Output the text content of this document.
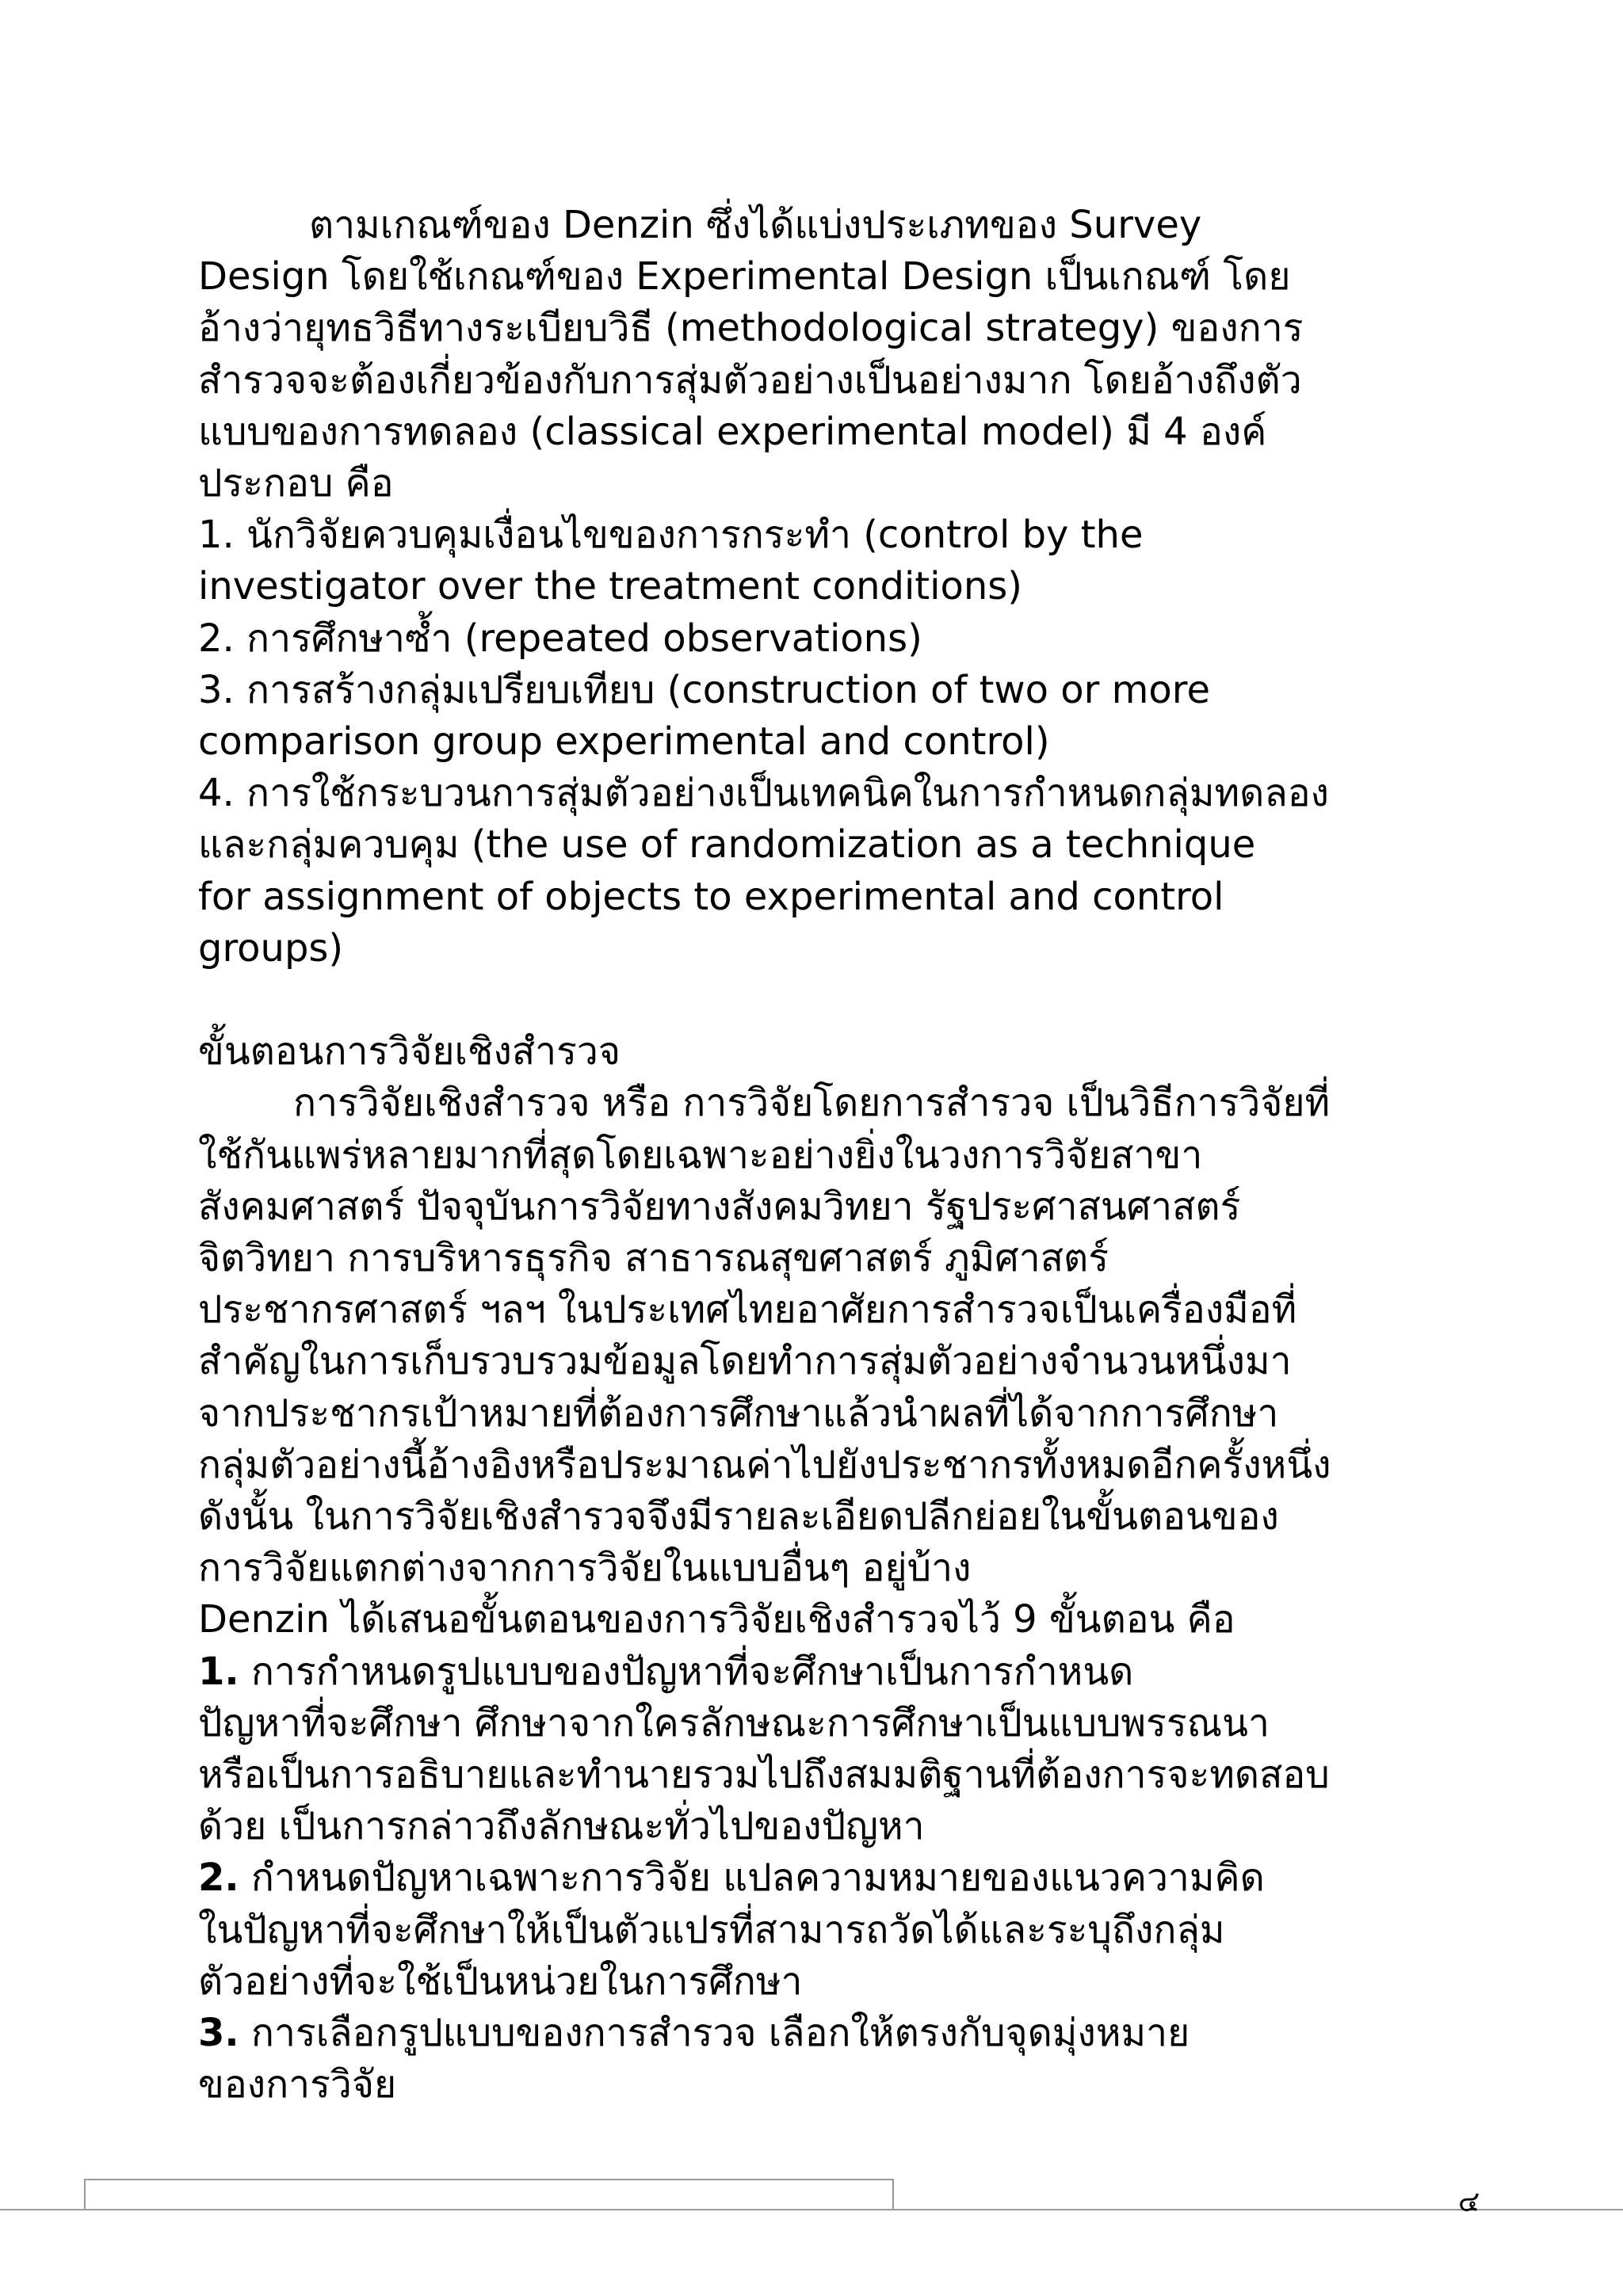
ตามเกณฑ์ของ Denzin ซึ่งได้แบ่งประเภทของ Survey
Design โดยใช้เกณฑ์ของ Experimental Design เป็นเกณฑ์ โดย
อ้างว่ายุทธวิธีทางระเบียบวิธี (methodological strategy) ของการ
สำรวจจะต้องเกี่ยวข้องกับการสุ่มตัวอย่างเป็นอย่างมาก โดยอ้างถึงตัว
แบบของการทดลอง (classical experimental model) มี 4 องค์
ประกอบ คือ
1. นักวิจัยควบคุมเงื่อนไขของการกระทำ (control by the
investigator over the treatment conditions)
2. การศึกษาซ้ำ (repeated observations)
3. การสร้างกลุ่มเปรียบเทียบ (construction of two or more
comparison group experimental and control)
4. การใช้กระบวนการสุ่มตัวอย่างเป็นเทคนิคในการกำหนดกลุ่มทดลอง
และกลุ่มควบคุม (the use of randomization as a technique
for assignment of objects to experimental and control
groups)
ขั้นตอนการวิจัยเชิงสำรวจ
การวิจัยเชิงสำรวจ หรือ การวิจัยโดยการสำรวจ เป็นวิธีการวิจัยที่
ใช้กันแพร่หลายมากที่สุดโดยเฉพาะอย่างยิ่งในวงการวิจัยสาขา
สังคมศาสตร์ ปัจจุบันการวิจัยทางสังคมวิทยา รัฐประศาสนศาสตร์
จิตวิทยา การบริหารธุรกิจ สาธารณสุขศาสตร์ ภูมิศาสตร์
ประชากรศาสตร์ ฯลฯ ในประเทศไทยอาศัยการสำรวจเป็นเครื่องมือที่
สำคัญในการเก็บรวบรวมข้อมูลโดยทำการสุ่มตัวอย่างจำนวนหนึ่งมา
จากประชากรเป้าหมายที่ต้องการศึกษาแล้วนำผลที่ได้จากการศึกษา
กลุ่มตัวอย่างนี้อ้างอิงหรือประมาณค่าไปยังประชากรทั้งหมดอีกครั้งหนึ่ง
ดังนั้น ในการวิจัยเชิงสำรวจจึงมีรายละเอียดปลีกย่อยในขั้นตอนของ
การวิจัยแตกต่างจากการวิจัยในแบบอื่นๆ อยู่บ้าง
Denzin ได้เสนอขั้นตอนของการวิจัยเชิงสำรวจไว้ 9 ขั้นตอน คือ
1. การกำหนดรูปแบบของปัญหาที่จะศึกษาเป็นการกำหนด
ปัญหาที่จะศึกษา ศึกษาจากใครลักษณะการศึกษาเป็นแบบพรรณนา
หรือเป็นการอธิบายและทำนายรวมไปถึงสมมติฐานที่ต้องการจะทดสอบ
ด้วย เป็นการกล่าวถึงลักษณะทั่วไปของปัญหา
2. กำหนดปัญหาเฉพาะการวิจัย แปลความหมายของแนวความคิด
ในปัญหาที่จะศึกษาให้เป็นตัวแปรที่สามารถวัดได้และระบุถึงกลุ่ม
ตัวอย่างที่จะใช้เป็นหน่วยในการศึกษา
3. การเลือกรูปแบบของการสำรวจ เลือกให้ตรงกับจุดมุ่งหมาย
ของการวิจัย
๔
